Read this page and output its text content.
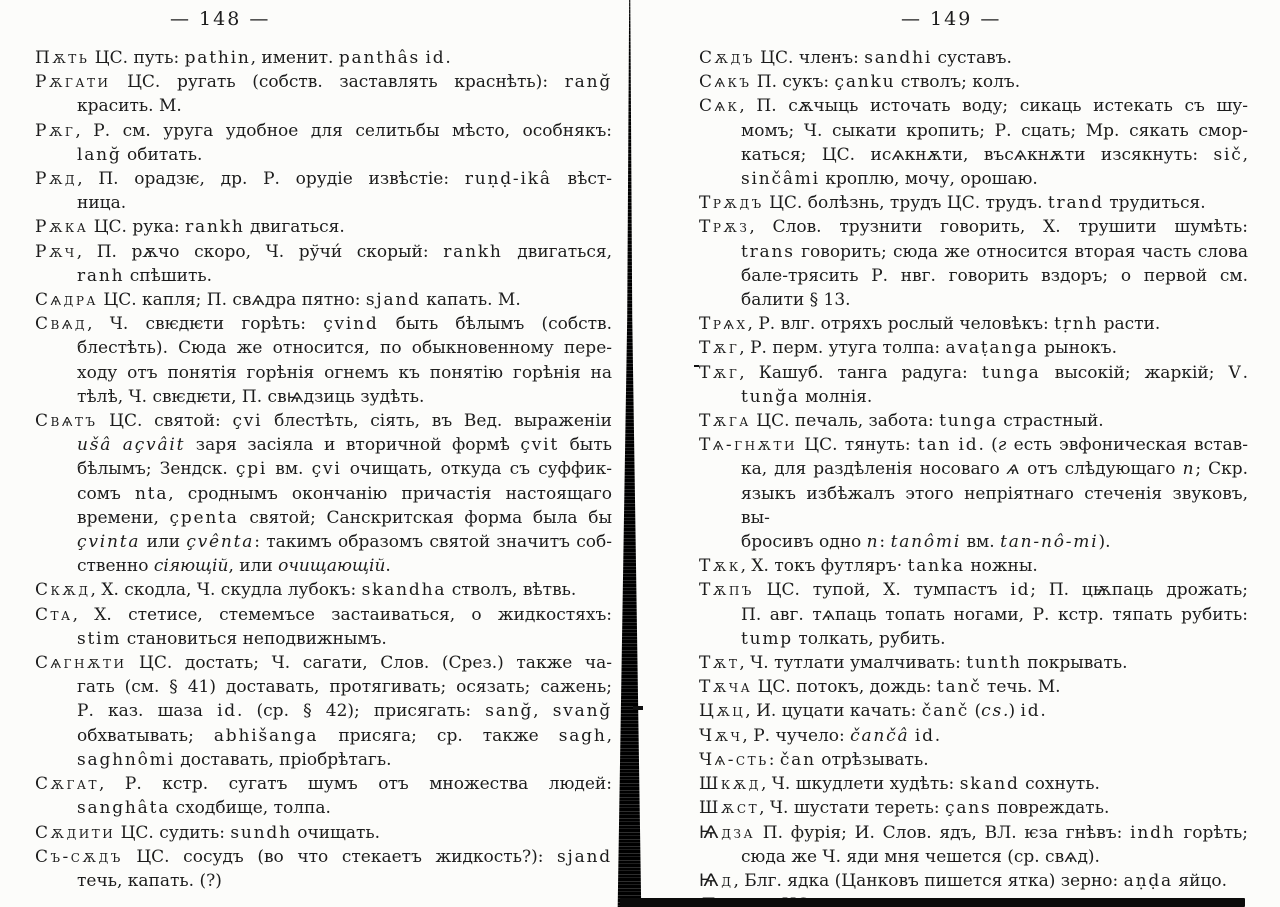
— 148 —	— 149 —
Пѫть ЦС. путь: pathin, именит. panthâs id.
Рѫгати ЦС. ругать (собств. заставлять краснѣть): ranğ
красить. М.
Рѫг, Р. см. уруга удобное для селитьбы мѣсто, особнякъ:
lanğ обитать.
Рѫд, П. орадзѥ, др. Р. орудіе извѣстіе: ruṇḍ-ikâ вѣст-
ница.
Рѫка ЦС. рука: rankh двигаться.
Рѫч, П. рѫчо скоро, Ч. рўчи́ скорый: rankh двигаться,
ranh спѣшить.
Сѧдра ЦС. капля; П. свѧдра пятно: sjand капать. М.
Свѧд, Ч. свѥдѥти горѣть: çvind быть бѣлымъ (собств.
блестѣть). Сюда же относится, по обыкновенному пере-
ходу отъ понятія горѣнія огнемъ къ понятію горѣнія на
тѣлѣ, Ч. свѥдѥти, П. свѩдзиць зудѣть.
Свѧтъ ЦС. святой: çvi блестѣть, сіять, въ Вед. выраженіи
ušâ açvâit заря засіяла и вторичной формѣ çvit быть
бѣлымъ; Зендск. çpi вм. çvi очищать, откуда съ суффик-
сомъ nta, сроднымъ окончанію причастія настоящаго
времени, çpenta святой; Санскритская форма была бы
çvinta или çvênta: такимъ образомъ святой значитъ соб-
ственно сіяющій, или очищающій.
Скѫд, Х. скодла, Ч. скудла лубокъ: skandha стволъ, вѣтвь.
Ста, Х. стетисе, стемемъсе застаиваться, о жидкостяхъ:
stim становиться неподвижнымъ.
Сѧгнѫти ЦС. достать; Ч. сагати, Слов. (Срез.) также ча-
гать (см. § 41) доставать, протягивать; осязать; сажень;
Р. каз. шаза id. (ср. § 42); присягать: sanğ, svanğ
обхватывать; abhišanga присяга; ср. также sagh,
saghnômi доставать, пріобрѣтагь.
Сѫгат, Р. кстр. сугатъ шумъ отъ множества людей:
sanghâta сходбище, толпа.
Сѫдити ЦС. судить: sundh очищать.
Съ-сѫдъ ЦС. сосудъ (во что стекаетъ жидкость?): sjand
течь, капать. (?)
Сѫдъ ЦС. членъ: sandhi суставъ.
Сѧкъ П. сукъ: çanku стволъ; колъ.
Сѧк, П. сѫчыць источать воду; сикаць истекать съ шу-
момъ; Ч. сыкати кропить; Р. сцать; Мр. сякать смор-
каться; ЦС. исѧкнѫти, въсѧкнѫти изсякнуть: sič,
sinčâmi кроплю, мочу, орошаю.
Трѫдъ ЦС. болѣзнь, трудъ ЦС. трудъ. trand трудиться.
Трѫз, Слов. трузнити говорить, Х. трушити шумѣть:
trans говорить; сюда же относится вторая часть слова
бале-трясить Р. нвг. говорить вздоръ; о первой см.
балити § 13.
Трѧх, Р. влг. отряхъ рослый человѣкъ: tṛnh расти.
Тѫг, Р. перм. утуга толпа: avaṭanga рынокъ.
Тѫг, Кашуб. танга радуга: tunga высокій; жаркій; V.
tunğa молнія.
Тѫга ЦС. печаль, забота: tunga страстный.
Тѧ-гнѫти ЦС. тянуть: tan id. (г есть эвфоническая встав-
ка, для раздѣленія носоваго ѧ отъ слѣдующаго n; Скр.
языкъ избѣжалъ этого непріятнаго стеченія звуковъ, вы-
бросивъ одно n: tanômi вм. tan-nô-mi).
Тѫк, Х. токъ футляръ· tanka ножны.
Тѫпъ ЦС. тупой, Х. тумпастъ id; П. цѭпаць дрожать;
П. авг. тѧпаць топать ногами, Р. кстр. тяпать рубить:
tump толкать, рубить.
Тѫт, Ч. тутлати умалчивать: tunth покрывать.
Тѫча ЦС. потокъ, дождь: tanč течь. М.
Цѫц, И. цуцати качать: čanč (cs.) id.
Чѫч, Р. чучело: čančâ id.
Чѧ-сть: čan отрѣзывать.
Шкѫд, Ч. шкудлети худѣть: skand сохнуть.
Шѫст, Ч. шустати тереть: çans повреждать.
Ѩдза П. фурія; И. Слов. ядъ, ВЛ. ѥза гнѣвъ: indh горѣть;
сюда же Ч. яди мня чешется (ср. свѧд).
Ѩд, Блг. ядка (Цанковъ пишется ятка) зерно: aṇḍa яйцо.
